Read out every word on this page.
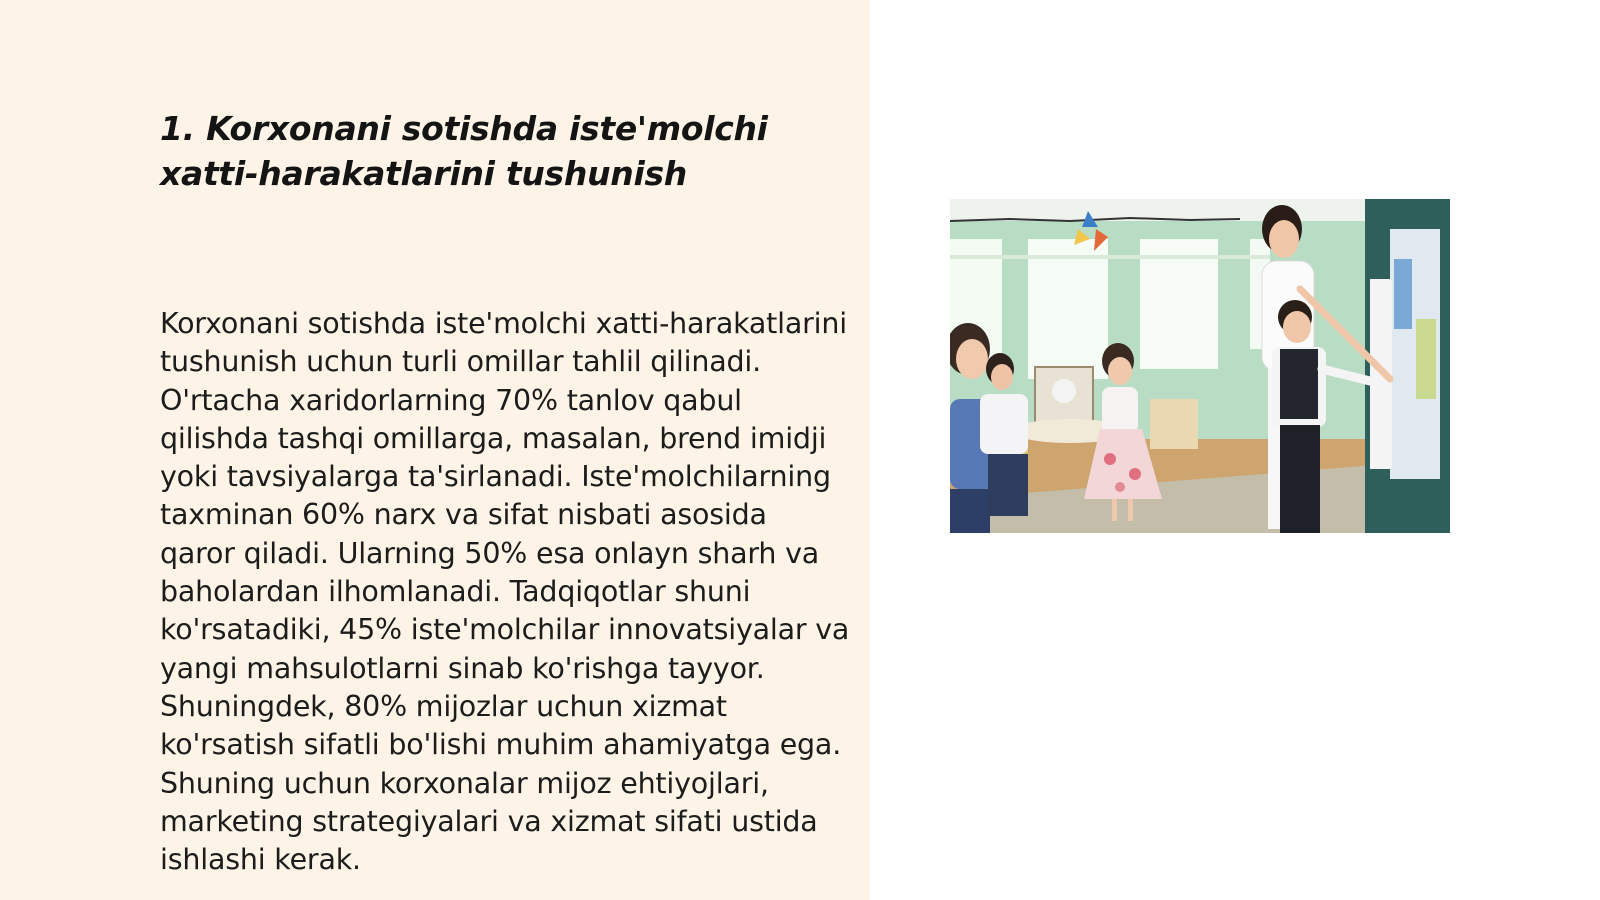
1. Korxonani sotishda iste'molchi xatti-harakatlarini tushunish

Korxonani sotishda iste'molchi xatti-harakatlarini tushunish uchun turli omillar tahlil qilinadi. O'rtacha xaridorlarning 70% tanlov qabul qilishda tashqi omillarga, masalan, brend imidji yoki tavsiyalarga ta'sirlanadi. Iste'molchilarning taxminan 60% narx va sifat nisbati asosida qaror qiladi. Ularning 50% esa onlayn sharh va baholardan ilhomlanadi. Tadqiqotlar shuni ko'rsatadiki, 45% iste'molchilar innovatsiyalar va yangi mahsulotlarni sinab ko'rishga tayyor. Shuningdek, 80% mijozlar uchun xizmat ko'rsatish sifatli bo'lishi muhim ahamiyatga ega. Shuning uchun korxonalar mijoz ehtiyojlari, marketing strategiyalari va xizmat sifati ustida ishlashi kerak.
